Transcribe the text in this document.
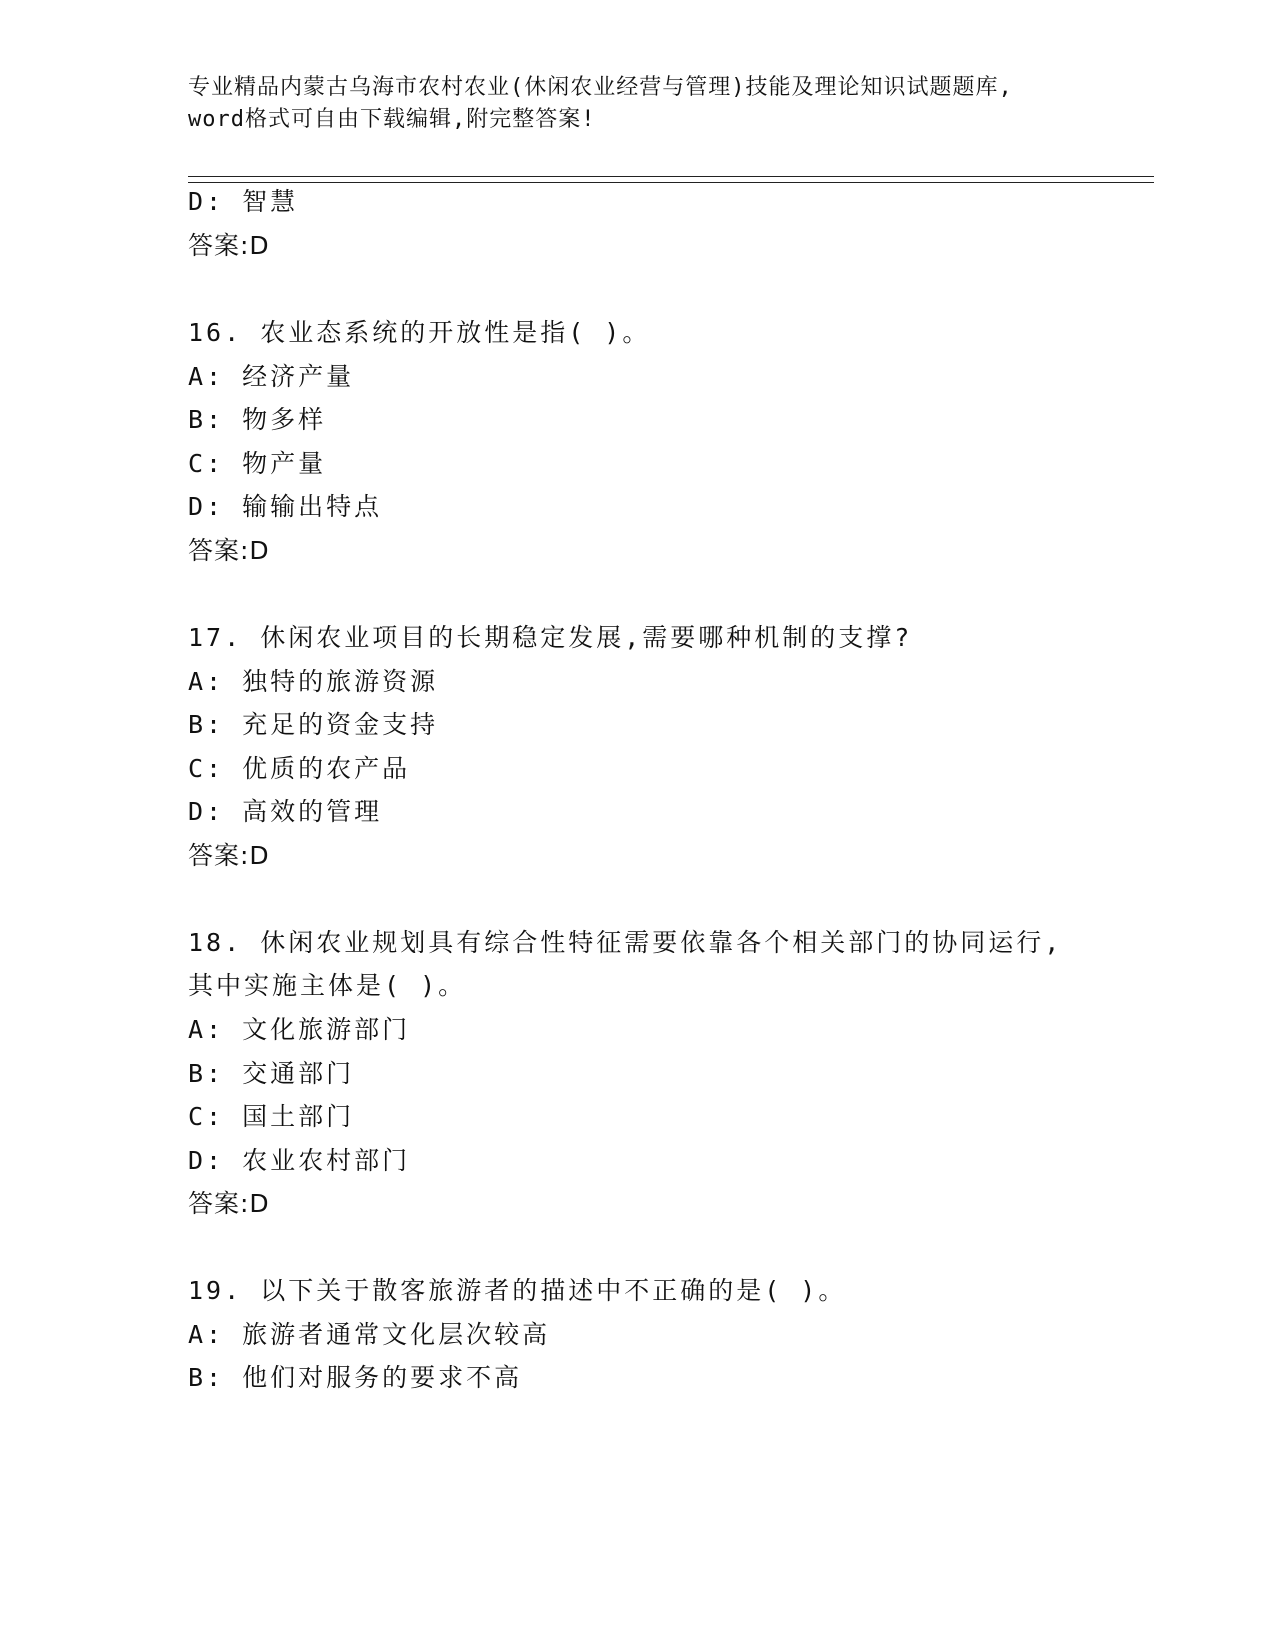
专业精品内蒙古乌海市农村农业(休闲农业经营与管理)技能及理论知识试题题库,
word格式可自由下载编辑,附完整答案!
D: 智慧
答案:D
16. 农业态系统的开放性是指( )。
A: 经济产量
B: 物多样
C: 物产量
D: 输输出特点
答案:D
17. 休闲农业项目的长期稳定发展,需要哪种机制的支撑?
A: 独特的旅游资源
B: 充足的资金支持
C: 优质的农产品
D: 高效的管理
答案:D
18. 休闲农业规划具有综合性特征需要依靠各个相关部门的协同运行,
其中实施主体是( )。
A: 文化旅游部门
B: 交通部门
C: 国土部门
D: 农业农村部门
答案:D
19. 以下关于散客旅游者的描述中不正确的是( )。
A: 旅游者通常文化层次较高
B: 他们对服务的要求不高
